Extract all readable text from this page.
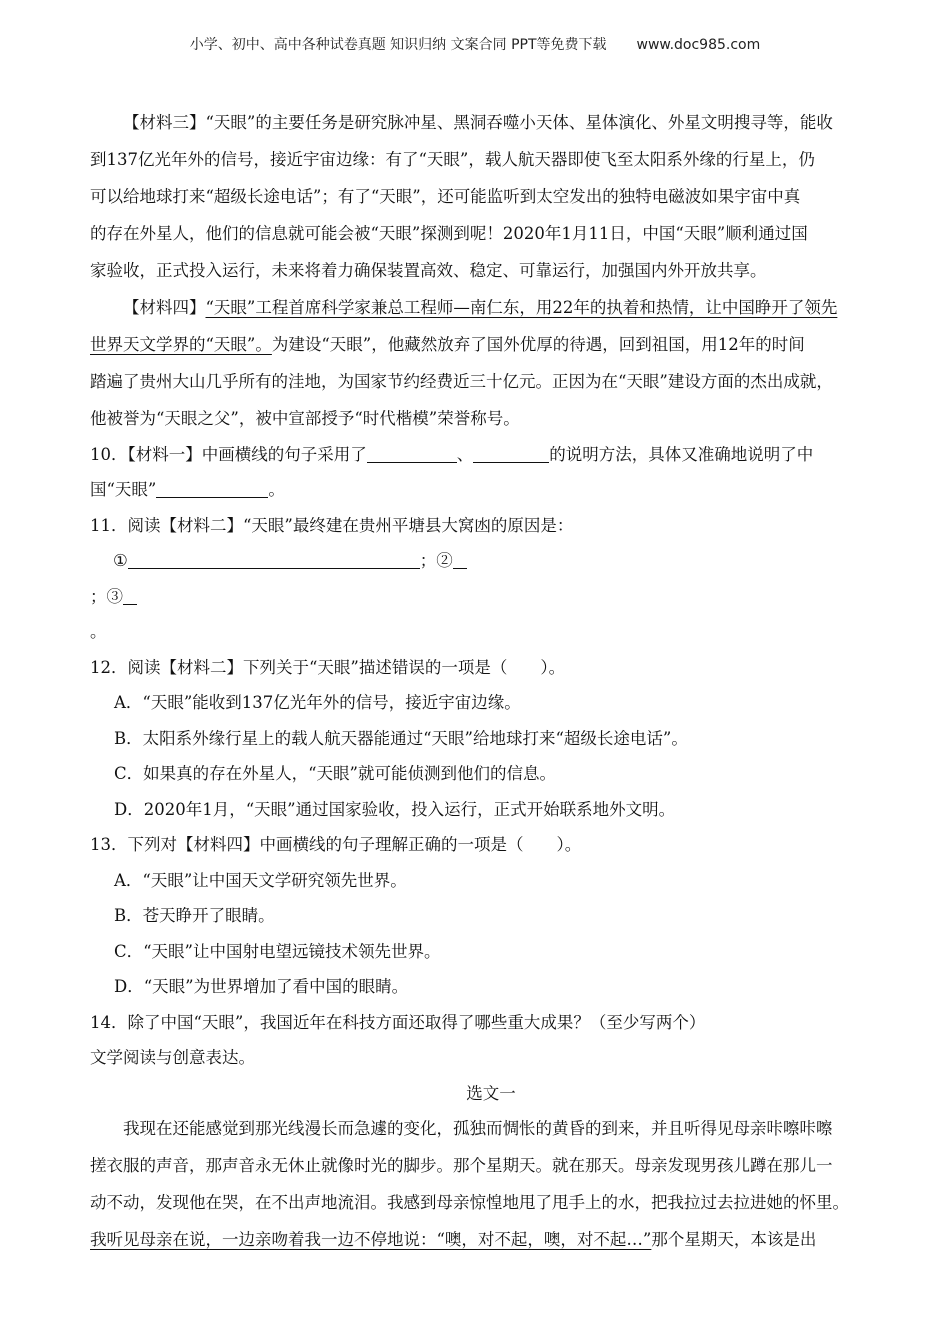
小学、初中、高中各种试卷真题 知识归纳 文案合同 PPT等免费下载 www.doc985.com
【材料三】“天眼”的主要任务是研究脉冲星、黑洞吞噬小天体、星体演化、外星文明搜寻等，能收
到137亿光年外的信号，接近宇宙边缘：有了“天眼”，载人航天器即使飞至太阳系外缘的行星上，仍
可以给地球打来“超级长途电话”；有了“天眼”，还可能监听到太空发出的独特电磁波如果宇宙中真
的存在外星人，他们的信息就可能会被“天眼”探测到呢！2020年1月11日，中国“天眼”顺利通过国
家验收，正式投入运行，未来将着力确保装置高效、稳定、可靠运行，加强国内外开放共享。
【材料四】“天眼”工程首席科学家兼总工程师—南仁东，用22年的执着和热情，让中国睁开了领先
世界天文学界的“天眼”。为建设“天眼”，他藏然放弃了国外优厚的待遇，回到祖国，用12年的时间
踏遍了贵州大山几乎所有的洼地，为国家节约经费近三十亿元。正因为在“天眼”建设方面的杰出成就，
他被誉为“天眼之父”，被中宣部授予“时代楷模”荣誉称号。
10．【材料一】中画横线的句子采用了	、	的说明方法，具体又准确地说明了中
国“天眼”	。
11．阅读【材料二】“天眼”最终建在贵州平塘县大窝凼的原因是：
①	；②
；③
。
12．阅读【材料二】下列关于“天眼”描述错误的一项是（　　）。
A．“天眼”能收到137亿光年外的信号，接近宇宙边缘。
B．太阳系外缘行星上的载人航天器能通过“天眼”给地球打来“超级长途电话”。
C．如果真的存在外星人，“天眼”就可能侦测到他们的信息。
D．2020年1月，“天眼”通过国家验收，投入运行，正式开始联系地外文明。
13．下列对【材料四】中画横线的句子理解正确的一项是（　　）。
A．“天眼”让中国天文学研究领先世界。
B．苍天睁开了眼睛。
C．“天眼”让中国射电望远镜技术领先世界。
D．“天眼”为世界增加了看中国的眼睛。
14．除了中国“天眼”，我国近年在科技方面还取得了哪些重大成果？（至少写两个）
文学阅读与创意表达。
选文一
我现在还能感觉到那光线漫长而急遽的变化，孤独而惆怅的黄昏的到来，并且听得见母亲咔嚓咔嚓
搓衣服的声音，那声音永无休止就像时光的脚步。那个星期天。就在那天。母亲发现男孩儿蹲在那儿一
动不动，发现他在哭，在不出声地流泪。我感到母亲惊惶地甩了甩手上的水，把我拉过去拉进她的怀里。
我听见母亲在说，一边亲吻着我一边不停地说：“噢，对不起，噢，对不起…”那个星期天，本该是出
